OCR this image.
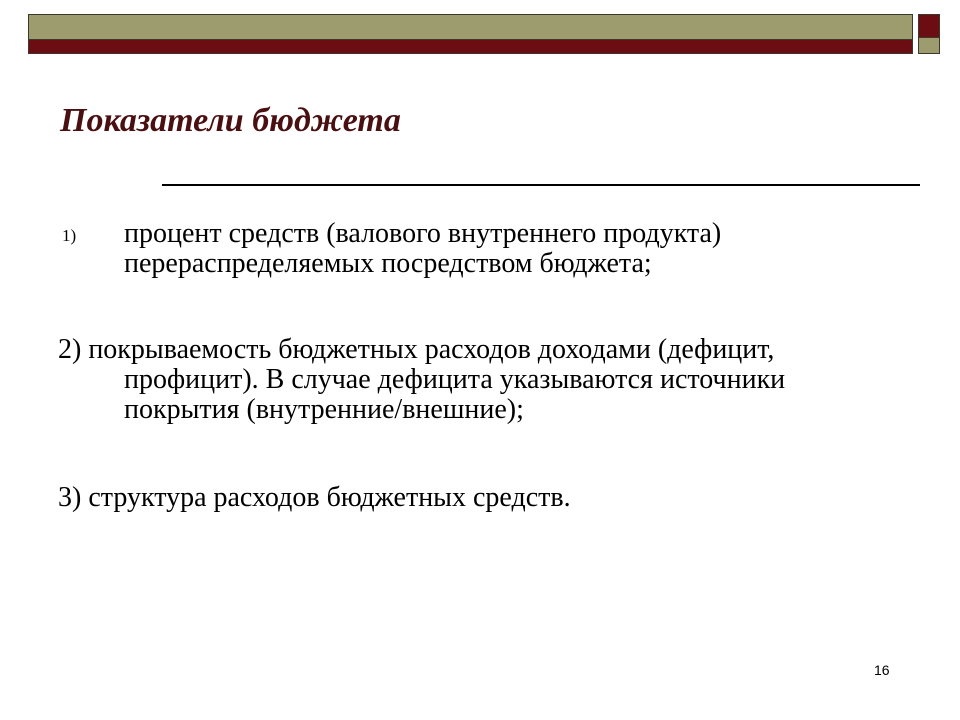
Показатели бюджета
1) процент средств (валового внутреннего продукта)
перераспределяемых посредством бюджета;
2) покрываемость бюджетных расходов доходами (дефицит,
профицит). В случае дефицита указываются источники
покрытия (внутренние/внешние);
3) структура расходов бюджетных средств.
16
